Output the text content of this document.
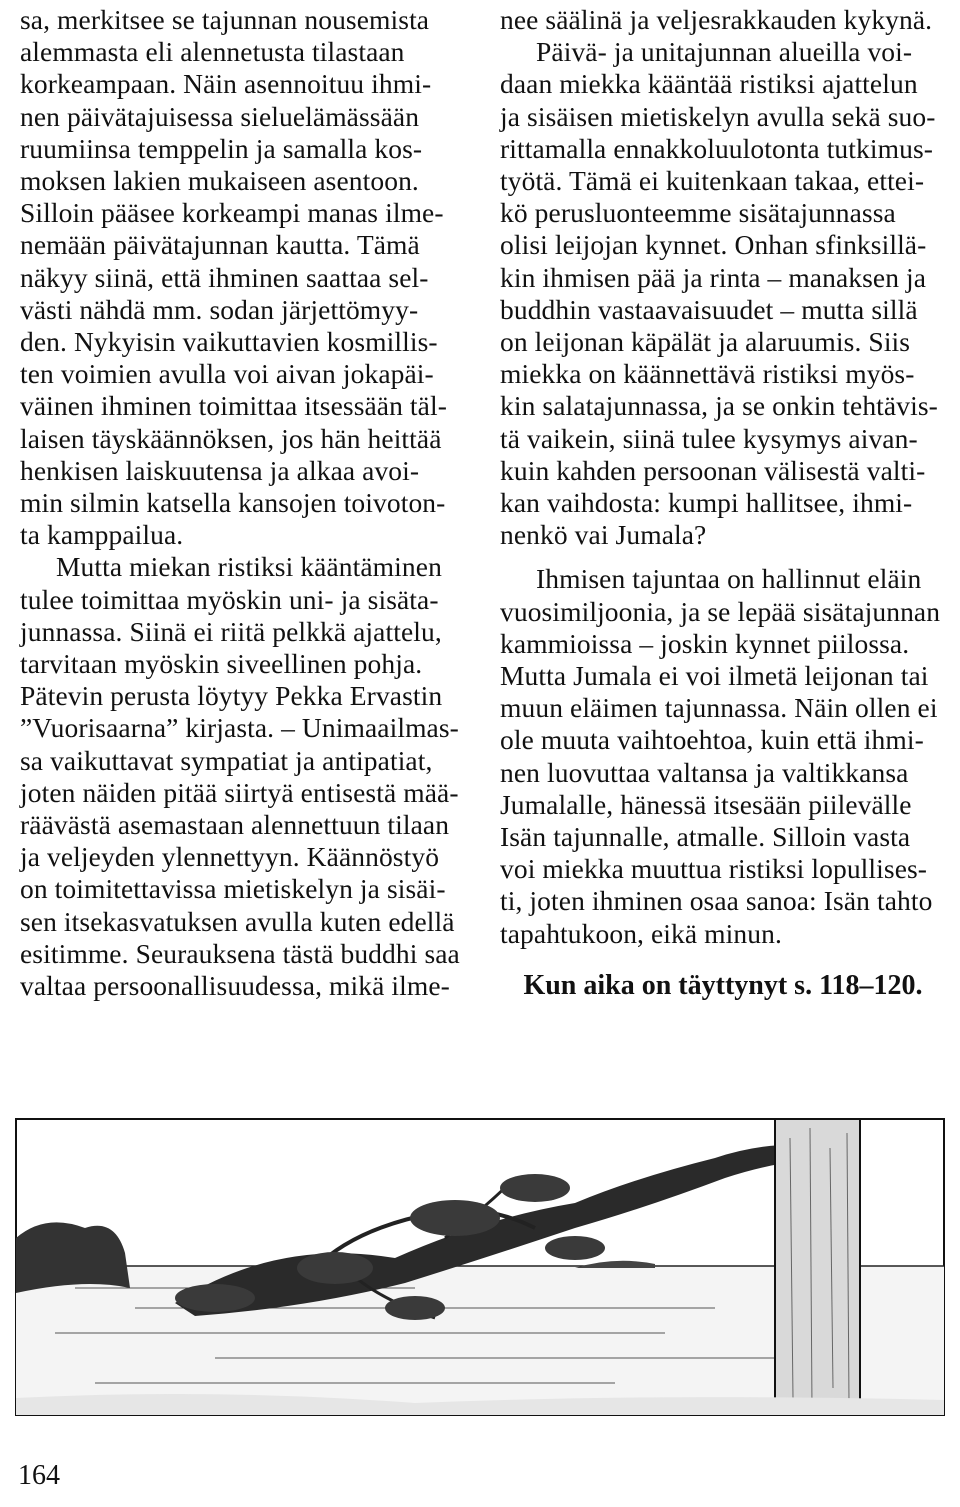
sa, merkitsee se tajunnan nousemista
alemmasta eli alennetusta tilastaan
korkeampaan. Näin asennoituu ihmi-
nen päivätajuisessa sieluelämässään
ruumiinsa temppelin ja samalla kos-
moksen lakien mukaiseen asentoon.
Silloin pääsee korkeampi manas ilme-
nemään päivätajunnan kautta. Tämä
näkyy siinä, että ihminen saattaa sel-
västi nähdä mm. sodan järjettömyy-
den. Nykyisin vaikuttavien kosmillis-
ten voimien avulla voi aivan jokapäi-
väinen ihminen toimittaa itsessään täl-
laisen täyskäännöksen, jos hän heittää
henkisen laiskuutensa ja alkaa avoi-
min silmin katsella kansojen toivoton-
ta kamppailua.
Mutta miekan ristiksi kääntäminen
tulee toimittaa myöskin uni- ja sisäta-
junnassa. Siinä ei riitä pelkkä ajattelu,
tarvitaan myöskin siveellinen pohja.
Pätevin perusta löytyy Pekka Ervastin
”Vuorisaarna” kirjasta. – Unimaailmas-
sa vaikuttavat sympatiat ja antipatiat,
joten näiden pitää siirtyä entisestä mää-
räävästä asemastaan alennettuun tilaan
ja veljeyden ylennettyyn. Käännöstyö
on toimitettavissa mietiskelyn ja sisäi-
sen itsekasvatuksen avulla kuten edellä
esitimme. Seurauksena tästä buddhi saa
valtaa persoonallisuudessa, mikä ilme-
nee säälinä ja veljesrakkauden kykynä.
Päivä- ja unitajunnan alueilla voi-
daan miekka kääntää ristiksi ajattelun
ja sisäisen mietiskelyn avulla sekä suo-
rittamalla ennakkoluulotonta tutkimus-
työtä. Tämä ei kuitenkaan takaa, ettei-
kö perusluonteemme sisätajunnassa
olisi leijojan kynnet. Onhan sfinksillä-
kin ihmisen pää ja rinta – manaksen ja
buddhin vastaavaisuudet – mutta sillä
on leijonan käpälät ja alaruumis. Siis
miekka on käännettävä ristiksi myös-
kin salatajunnassa, ja se onkin tehtävis-
tä vaikein, siinä tulee kysymys aivan-
kuin kahden persoonan välisestä valti-
kan vaihdosta: kumpi hallitsee, ihmi-
nenkö vai Jumala?
Ihmisen tajuntaa on hallinnut eläin
vuosimiljoonia, ja se lepää sisätajunnan
kammioissa – joskin kynnet piilossa.
Mutta Jumala ei voi ilmetä leijonan tai
muun eläimen tajunnassa. Näin ollen ei
ole muuta vaihtoehtoa, kuin että ihmi-
nen luovuttaa valtansa ja valtikkansa
Jumalalle, hänessä itsesään piilevälle
Isän tajunnalle, atmalle. Silloin vasta
voi miekka muuttua ristiksi lopullises-
ti, joten ihminen osaa sanoa: Isän tahto
tapahtukoon, eikä minun.
Kun aika on täyttynyt s. 118–120.
164
